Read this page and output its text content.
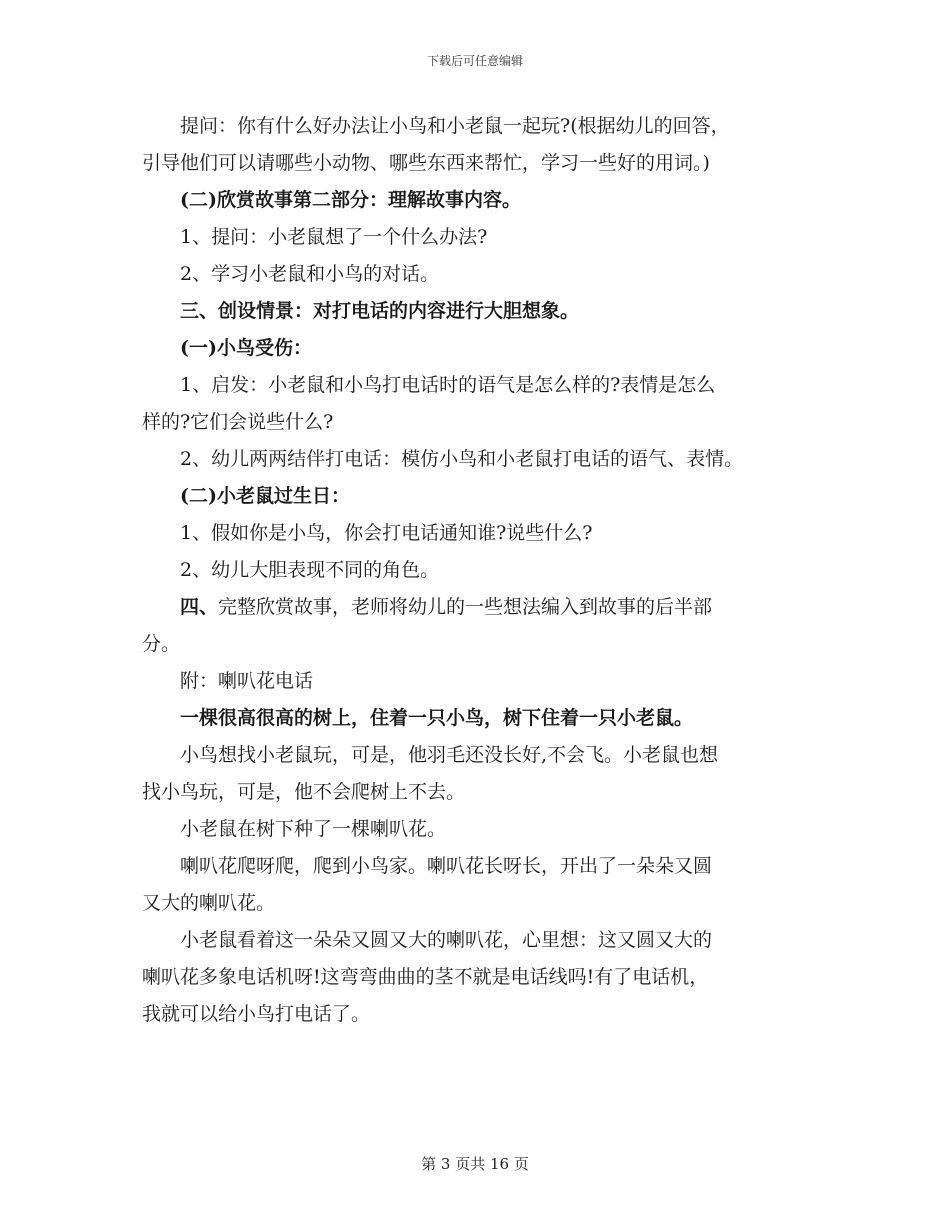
下载后可任意编辑

提问：你有什么好办法让小鸟和小老鼠一起玩?(根据幼儿的回答，
引导他们可以请哪些小动物、哪些东西来帮忙，学习一些好的用词。)

(二)欣赏故事第二部分：理解故事内容。

1、提问：小老鼠想了一个什么办法?

2、学习小老鼠和小鸟的对话。

三、创设情景：对打电话的内容进行大胆想象。

(一)小鸟受伤：

1、启发：小老鼠和小鸟打电话时的语气是怎么样的?表情是怎么
样的?它们会说些什么?

2、幼儿两两结伴打电话：模仿小鸟和小老鼠打电话的语气、表情。

(二)小老鼠过生日：

1、假如你是小鸟，你会打电话通知谁?说些什么?

2、幼儿大胆表现不同的角色。

四、完整欣赏故事，老师将幼儿的一些想法编入到故事的后半部
分。

附：喇叭花电话

一棵很高很高的树上，住着一只小鸟，树下住着一只小老鼠。

小鸟想找小老鼠玩，可是，他羽毛还没长好,不会飞。小老鼠也想
找小鸟玩，可是，他不会爬树上不去。

小老鼠在树下种了一棵喇叭花。

喇叭花爬呀爬，爬到小鸟家。喇叭花长呀长，开出了一朵朵又圆
又大的喇叭花。

小老鼠看着这一朵朵又圆又大的喇叭花，心里想：这又圆又大的
喇叭花多象电话机呀!这弯弯曲曲的茎不就是电话线吗!有了电话机，
我就可以给小鸟打电话了。

第 3 页共 16 页
